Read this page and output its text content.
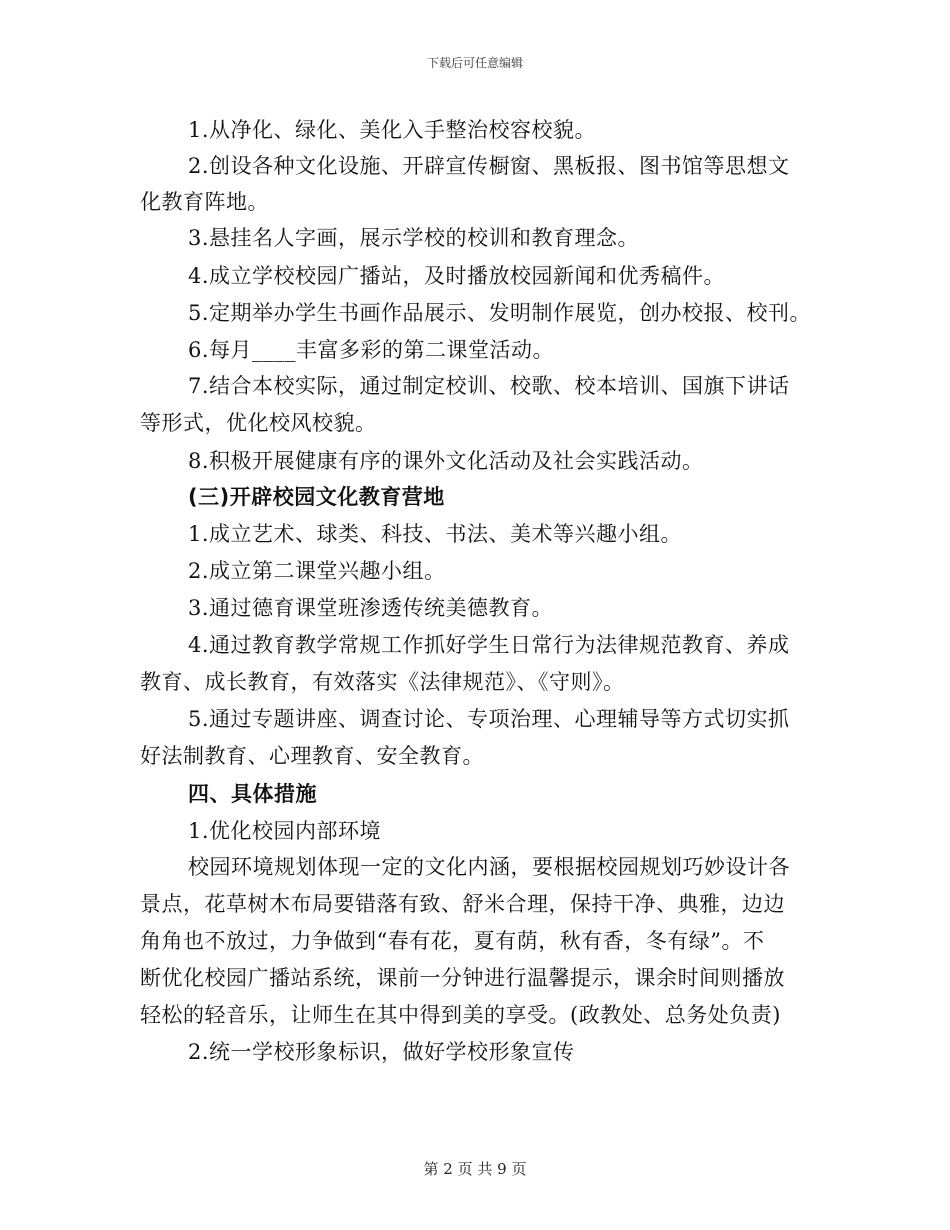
下载后可任意编辑
1.从净化、绿化、美化入手整治校容校貌。
2.创设各种文化设施、开辟宣传橱窗、黑板报、图书馆等思想文
化教育阵地。
3.悬挂名人字画，展示学校的校训和教育理念。
4.成立学校校园广播站，及时播放校园新闻和优秀稿件。
5.定期举办学生书画作品展示、发明制作展览，创办校报、校刊。
6.每月____丰富多彩的第二课堂活动。
7.结合本校实际，通过制定校训、校歌、校本培训、国旗下讲话
等形式，优化校风校貌。
8.积极开展健康有序的课外文化活动及社会实践活动。
(三)开辟校园文化教育营地
1.成立艺术、球类、科技、书法、美术等兴趣小组。
2.成立第二课堂兴趣小组。
3.通过德育课堂班渗透传统美德教育。
4.通过教育教学常规工作抓好学生日常行为法律规范教育、养成
教育、成长教育，有效落实《法律规范》、《守则》。
5.通过专题讲座、调查讨论、专项治理、心理辅导等方式切实抓
好法制教育、心理教育、安全教育。
四、具体措施
1.优化校园内部环境
校园环境规划体现一定的文化内涵，要根据校园规划巧妙设计各
景点，花草树木布局要错落有致、舒米合理，保持干净、典雅，边边
角角也不放过，力争做到“春有花，夏有荫，秋有香，冬有绿”。不
断优化校园广播站系统，课前一分钟进行温馨提示，课余时间则播放
轻松的轻音乐，让师生在其中得到美的享受。(政教处、总务处负责)
2.统一学校形象标识，做好学校形象宣传
第 2 页 共 9 页
